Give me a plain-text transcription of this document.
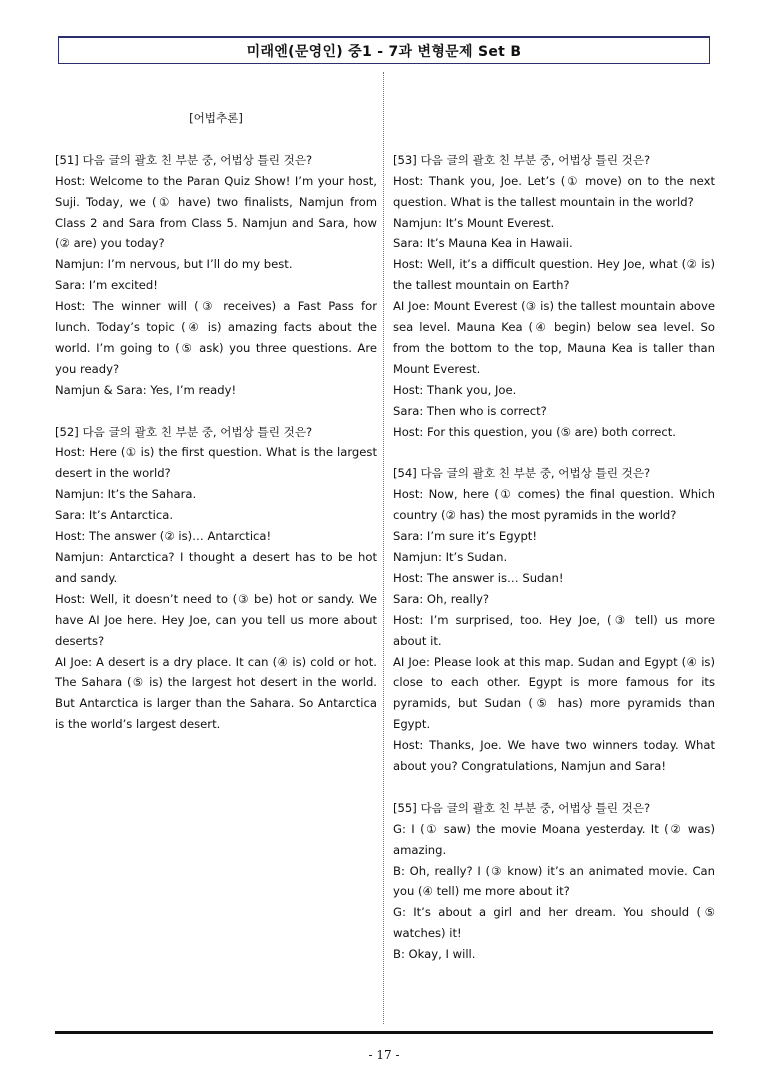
미래엔(문영인) 중1 - 7과 변형문제 Set B

[어법추론]

[51] 다음 글의 괄호 친 부분 중, 어법상 틀린 것은?

Host: Welcome to the Paran Quiz Show! I’m your host, Suji. Today, we (① have) two finalists, Namjun from Class 2 and Sara from Class 5. Namjun and Sara, how (② are) you today?

Namjun: I’m nervous, but I’ll do my best.

Sara: I’m excited!

Host: The winner will (③ receives) a Fast Pass for lunch. Today’s topic (④ is) amazing facts about the world. I’m going to (⑤ ask) you three questions. Are you ready?

Namjun & Sara: Yes, I’m ready!

[52] 다음 글의 괄호 친 부분 중, 어법상 틀린 것은?

Host: Here (① is) the first question. What is the largest desert in the world?

Namjun: It’s the Sahara.

Sara: It’s Antarctica.

Host: The answer (② is)… Antarctica!

Namjun: Antarctica? I thought a desert has to be hot and sandy.

Host: Well, it doesn’t need to (③ be) hot or sandy. We have AI Joe here. Hey Joe, can you tell us more about deserts?

AI Joe: A desert is a dry place. It can (④ is) cold or hot. The Sahara (⑤ is) the largest hot desert in the world. But Antarctica is larger than the Sahara. So Antarctica is the world’s largest desert.

[53] 다음 글의 괄호 친 부분 중, 어법상 틀린 것은?

Host: Thank you, Joe. Let’s (① move) on to the next question. What is the tallest mountain in the world?

Namjun: It’s Mount Everest.

Sara: It’s Mauna Kea in Hawaii.

Host: Well, it’s a difficult question. Hey Joe, what (② is) the tallest mountain on Earth?

AI Joe: Mount Everest (③ is) the tallest mountain above sea level. Mauna Kea (④ begin) below sea level. So from the bottom to the top, Mauna Kea is taller than Mount Everest.

Host: Thank you, Joe.

Sara: Then who is correct?

Host: For this question, you (⑤ are) both correct.

[54] 다음 글의 괄호 친 부분 중, 어법상 틀린 것은?

Host: Now, here (① comes) the final question. Which country (② has) the most pyramids in the world?

Sara: I’m sure it’s Egypt!

Namjun: It’s Sudan.

Host: The answer is… Sudan!

Sara: Oh, really?

Host: I’m surprised, too. Hey Joe, (③ tell) us more about it.

AI Joe: Please look at this map. Sudan and Egypt (④ is) close to each other. Egypt is more famous for its pyramids, but Sudan (⑤ has) more pyramids than Egypt.

Host: Thanks, Joe. We have two winners today. What about you? Congratulations, Namjun and Sara!

[55] 다음 글의 괄호 친 부분 중, 어법상 틀린 것은?

G: I (① saw) the movie Moana yesterday. It (② was) amazing.

B: Oh, really? I (③ know) it’s an animated movie. Can you (④ tell) me more about it?

G: It’s about a girl and her dream. You should (⑤ watches) it!

B: Okay, I will.

- 17 -
